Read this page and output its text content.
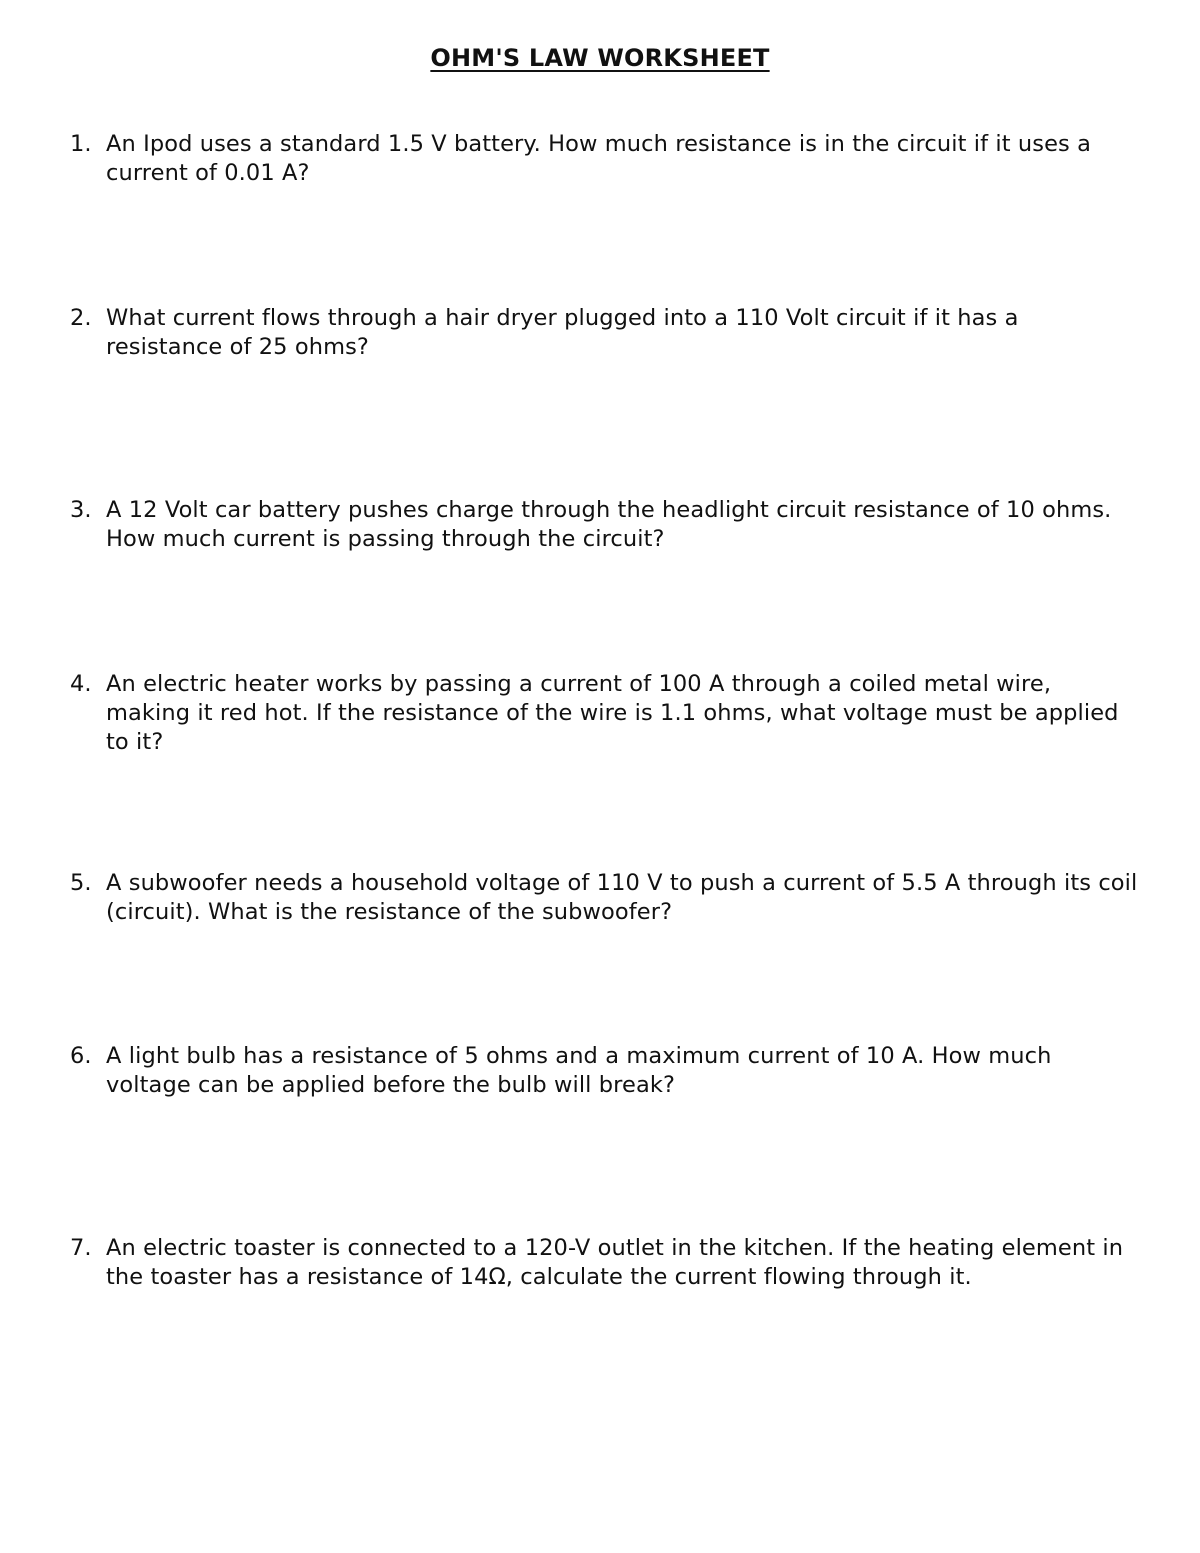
OHM'S LAW WORKSHEET
1. An Ipod uses a standard 1.5 V battery. How much resistance is in the circuit if it uses a current of 0.01 A?
2. What current flows through a hair dryer plugged into a 110 Volt circuit if it has a resistance of 25 ohms?
3. A 12 Volt car battery pushes charge through the headlight circuit resistance of 10 ohms. How much current is passing through the circuit?
4. An electric heater works by passing a current of 100 A through a coiled metal wire, making it red hot. If the resistance of the wire is 1.1 ohms, what voltage must be applied to it?
5. A subwoofer needs a household voltage of 110 V to push a current of 5.5 A through its coil (circuit). What is the resistance of the subwoofer?
6. A light bulb has a resistance of 5 ohms and a maximum current of 10 A. How much voltage can be applied before the bulb will break?
7. An electric toaster is connected to a 120-V outlet in the kitchen. If the heating element in the toaster has a resistance of 14Ω, calculate the current flowing through it.
